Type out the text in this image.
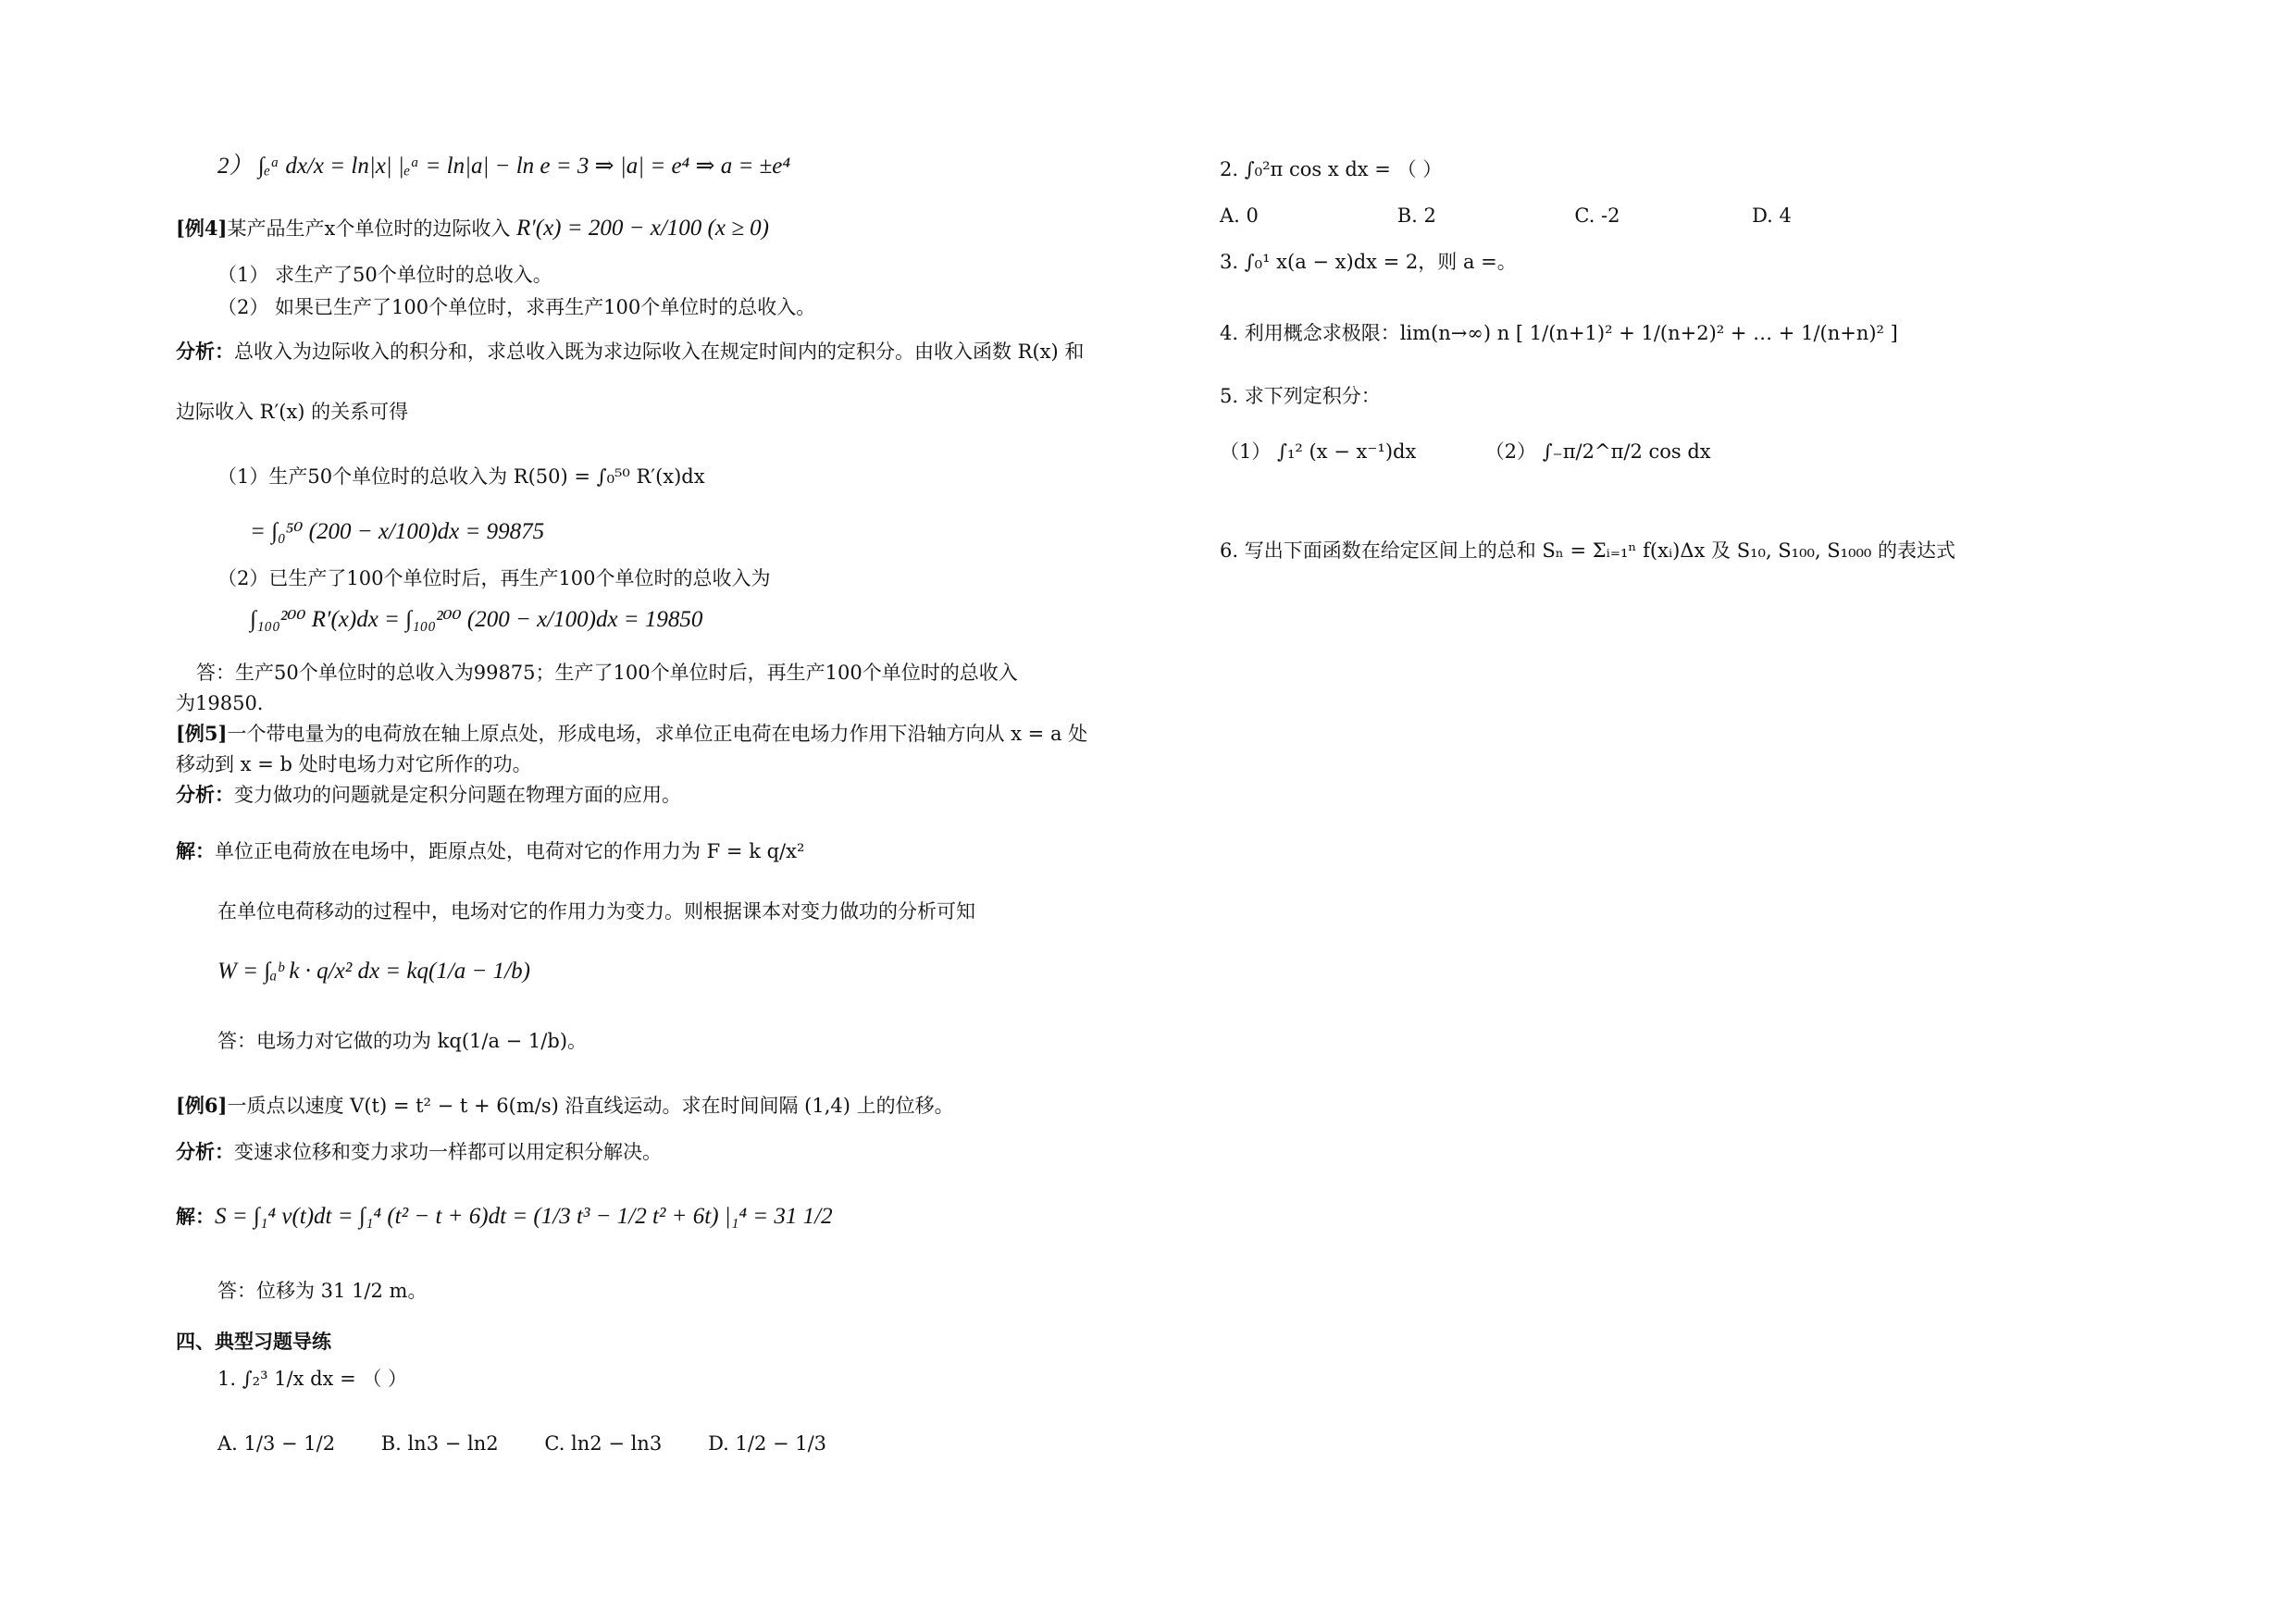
2） ∫ₑᵃ dx/x = ln|x| |ₑᵃ = ln|a| − ln e = 3 ⇒ |a| = e⁴ ⇒ a = ±e⁴
[例4]某产品生产x个单位时的边际收入 R′(x) = 200 − x/100 (x ≥ 0)
（1） 求生产了50个单位时的总收入。
（2） 如果已生产了100个单位时，求再生产100个单位时的总收入。
分析：总收入为边际收入的积分和，求总收入既为求边际收入在规定时间内的定积分。由收入函数 R(x) 和
边际收入 R′(x) 的关系可得
（1）生产50个单位时的总收入为 R(50) = ∫₀⁵⁰ R′(x)dx
= ∫₀⁵⁰ (200 − x/100)dx = 99875
（2）已生产了100个单位时后，再生产100个单位时的总收入为
∫₁₀₀²⁰⁰ R′(x)dx = ∫₁₀₀²⁰⁰ (200 − x/100)dx = 19850
答：生产50个单位时的总收入为99875；生产了100个单位时后，再生产100个单位时的总收入
为19850.
[例5]一个带电量为的电荷放在轴上原点处，形成电场，求单位正电荷在电场力作用下沿轴方向从 x = a 处
移动到 x = b 处时电场力对它所作的功。
分析：变力做功的问题就是定积分问题在物理方面的应用。
解：单位正电荷放在电场中，距原点处，电荷对它的作用力为 F = k q/x²
在单位电荷移动的过程中，电场对它的作用力为变力。则根据课本对变力做功的分析可知
W = ∫ₐᵇ k · q/x² dx = kq(1/a − 1/b)
答：电场力对它做的功为 kq(1/a − 1/b)。
[例6]一质点以速度 V(t) = t² − t + 6(m/s) 沿直线运动。求在时间间隔 (1,4) 上的位移。
分析：变速求位移和变力求功一样都可以用定积分解决。
解：S = ∫₁⁴ v(t)dt = ∫₁⁴ (t² − t + 6)dt = (1/3 t³ − 1/2 t² + 6t) |₁⁴ = 31 1/2
答：位移为 31 1/2 m。
四、典型习题导练
1. ∫₂³ 1/x dx = （ ）
A. 1/3 − 1/2 B. ln3 − ln2 C. ln2 − ln3 D. 1/2 − 1/3
2. ∫₀²π cos x dx = （ ）
A. 0	B. 2	C. -2	D. 4
3. ∫₀¹ x(a − x)dx = 2，则 a =。
4. 利用概念求极限：lim(n→∞) n [ 1/(n+1)² + 1/(n+2)² + … + 1/(n+n)² ]
5. 求下列定积分：
（1） ∫₁² (x − x⁻¹)dx	（2） ∫₋π/2^π/2 cos dx
6. 写出下面函数在给定区间上的总和 Sₙ = Σᵢ₌₁ⁿ f(xᵢ)Δx 及 S₁₀, S₁₀₀, S₁₀₀₀ 的表达式
